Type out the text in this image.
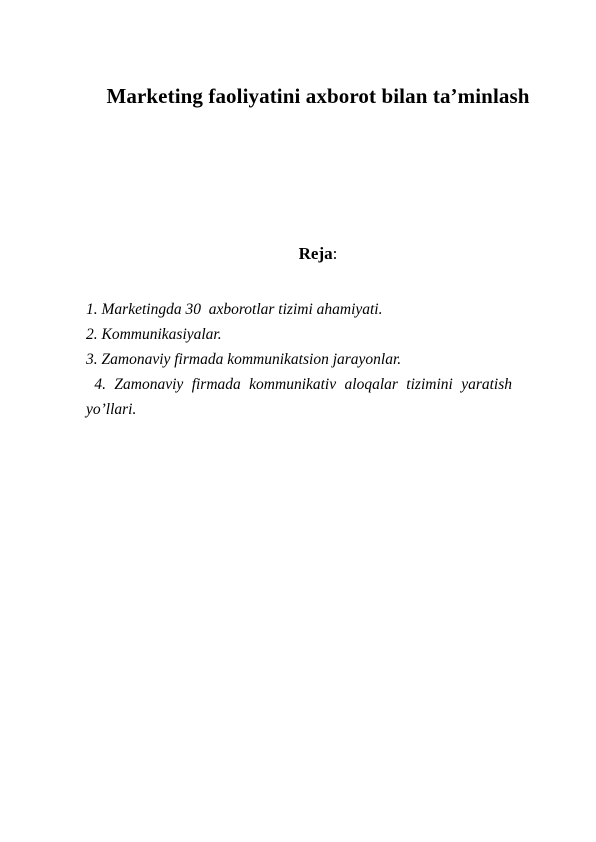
Marketing faoliyatini axborot bilan ta’minlash
Reja:

1. Marketingda 30  axborotlar tizimi ahamiyati.

2. Kommunikasiyalar.

3. Zamonaviy firmada kommunikatsion jarayonlar.

4. Zamonaviy firmada kommunikativ aloqalar tizimini yaratish yo’llari.
